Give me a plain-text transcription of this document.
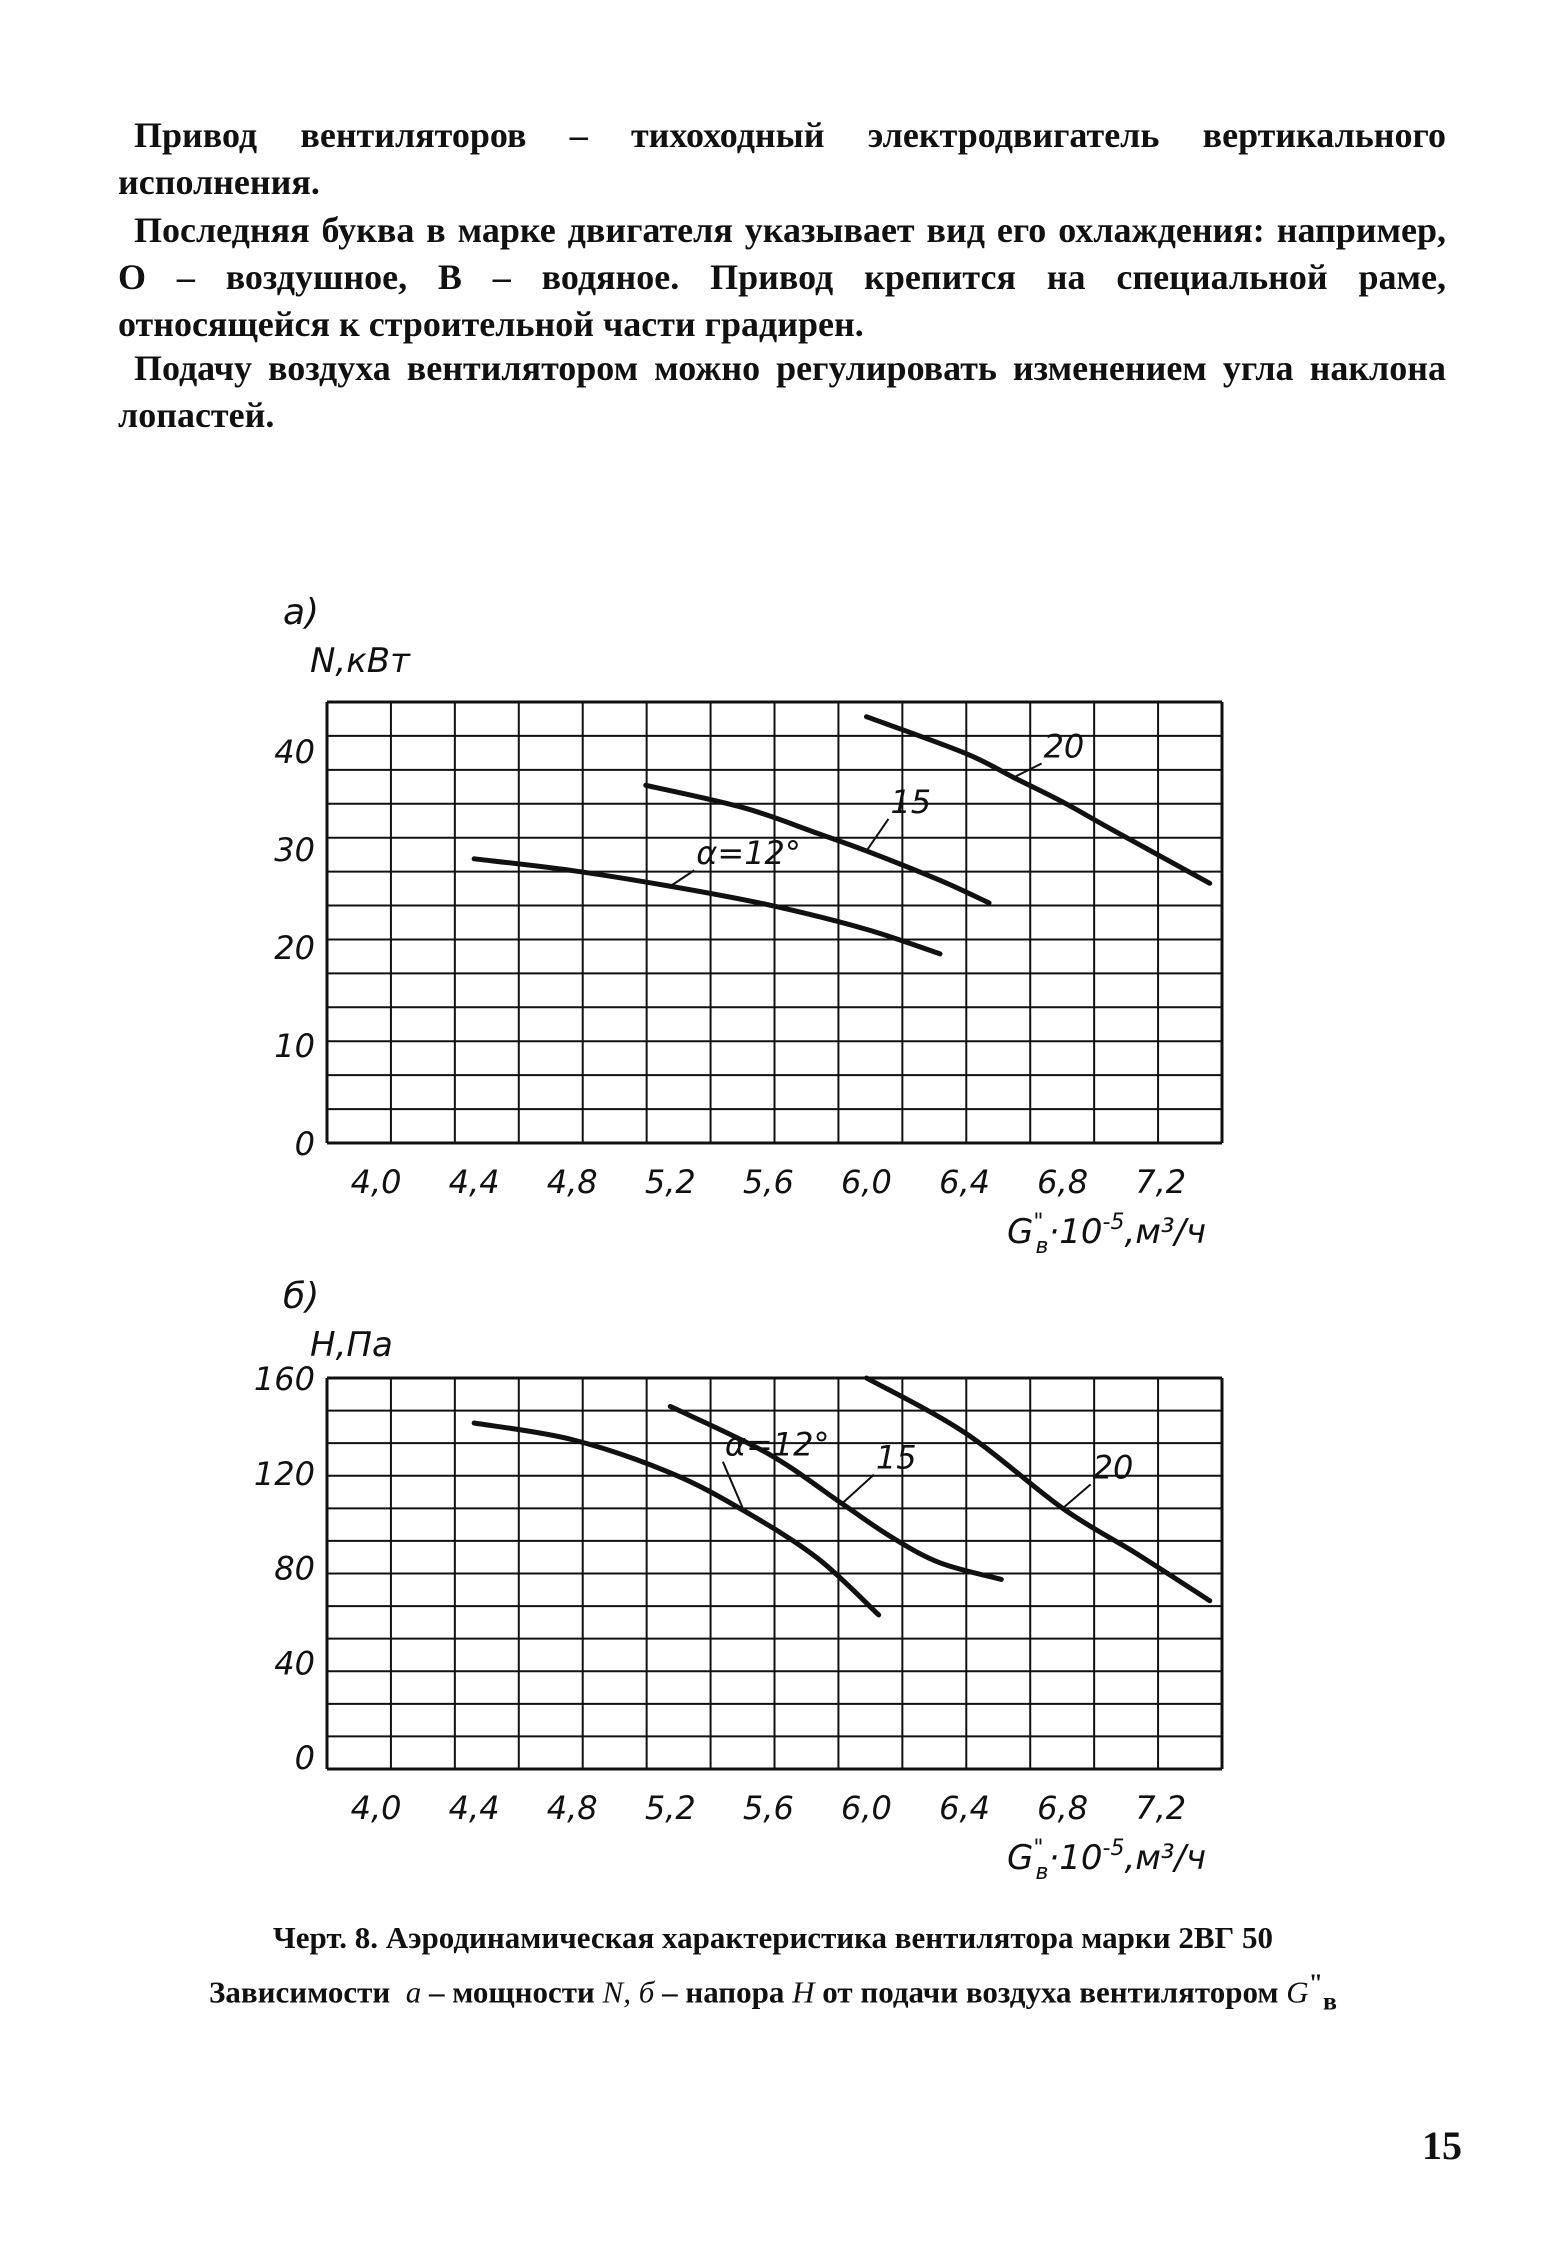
Привод вентиляторов – тихоходный электродвигатель вертикального исполнения.

Последняя буква в марке двигателя указывает вид его охлаждения: например, О – воздушное, В – водяное. Привод крепится на специальной раме, относящейся к строительной части градирен.

Подачу воздуха вентилятором можно регулировать изменением угла наклона лопастей.

0
10
20
30
40
4,0 4,4 4,8 5,2 5,6 6,0 6,4 6,8 7,2
а)
N,кВт
G" $в\cdot 10^{-5},м^3/ч$
α=12°
15
20
0
40
80
120
160
4,0 4,4 4,8 5,2 5,6 6,0 6,4 6,8 7,2
б)
H,Па
G" $в\cdot 10^{-5},м^3/ч$
α=12° 15	20

Черт. 8. Аэродинамическая характеристика вентилятора марки 2ВГ 50

Зависимости а – мощности N, б – напора H от подачи воздуха вентилятором $G^"_в$

15
